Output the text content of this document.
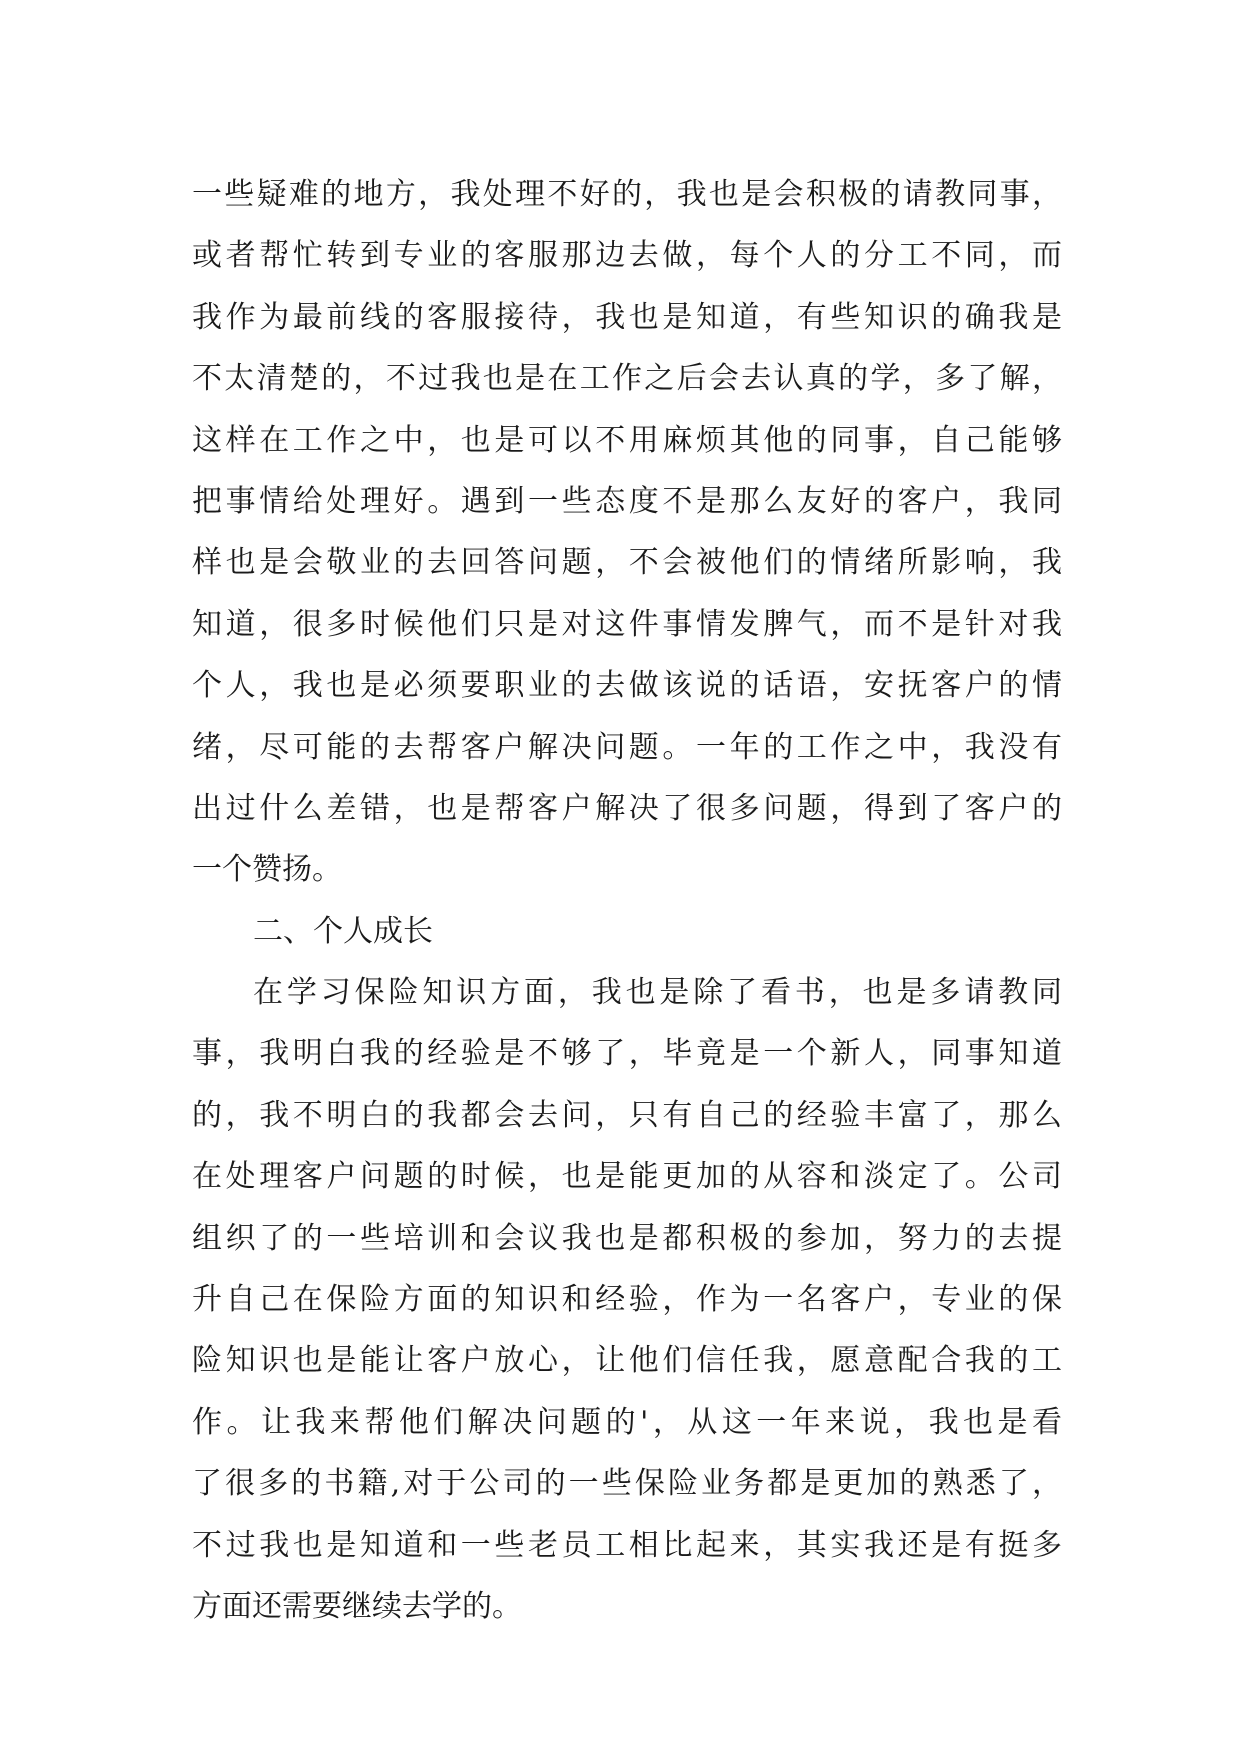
一些疑难的地方，我处理不好的，我也是会积极的请教同事，
或者帮忙转到专业的客服那边去做，每个人的分工不同，而
我作为最前线的客服接待，我也是知道，有些知识的确我是
不太清楚的，不过我也是在工作之后会去认真的学，多了解，
这样在工作之中，也是可以不用麻烦其他的同事，自己能够
把事情给处理好。遇到一些态度不是那么友好的客户，我同
样也是会敬业的去回答问题，不会被他们的情绪所影响，我
知道，很多时候他们只是对这件事情发脾气，而不是针对我
个人，我也是必须要职业的去做该说的话语，安抚客户的情
绪，尽可能的去帮客户解决问题。一年的工作之中，我没有
出过什么差错，也是帮客户解决了很多问题，得到了客户的
一个赞扬。
二、个人成长
在学习保险知识方面，我也是除了看书，也是多请教同
事，我明白我的经验是不够了，毕竟是一个新人，同事知道
的，我不明白的我都会去问，只有自己的经验丰富了，那么
在处理客户问题的时候，也是能更加的从容和淡定了。公司
组织了的一些培训和会议我也是都积极的参加，努力的去提
升自己在保险方面的知识和经验，作为一名客户，专业的保
险知识也是能让客户放心，让他们信任我，愿意配合我的工
作。让我来帮他们解决问题的'，从这一年来说，我也是看
了很多的书籍,对于公司的一些保险业务都是更加的熟悉了，
不过我也是知道和一些老员工相比起来，其实我还是有挺多
方面还需要继续去学的。
